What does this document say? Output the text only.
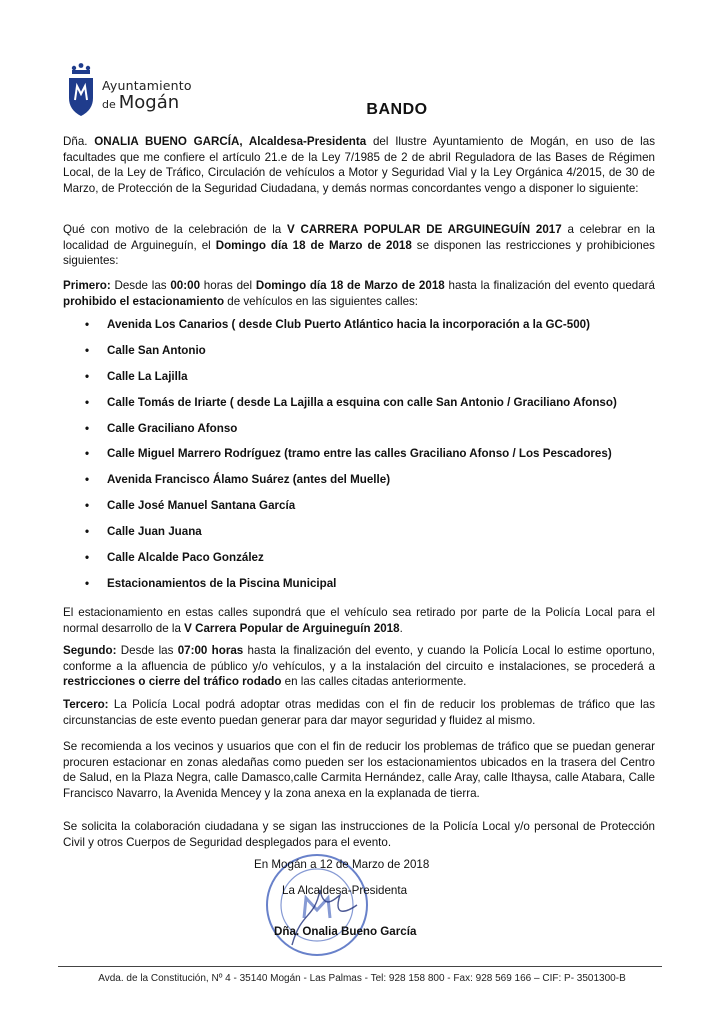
Ayuntamiento
de Mogán	BANDO
Dña. ONALIA BUENO GARCÍA, Alcaldesa-Presidenta del Ilustre Ayuntamiento de Mogán, en uso de las facultades que me confiere el artículo 21.e de la Ley 7/1985 de 2 de abril Reguladora de las Bases de Régimen Local, de la Ley de Tráfico, Circulación de vehículos a Motor y Seguridad Vial y la Ley Orgánica 4/2015, de 30 de Marzo, de Protección de la Seguridad Ciudadana, y demás normas concordantes vengo a disponer lo siguiente:
Qué con motivo de la celebración de la V CARRERA POPULAR DE ARGUINEGUÍN 2017 a celebrar en la localidad de Arguineguín, el Domingo día 18 de Marzo de 2018 se disponen las restricciones y prohibiciones siguientes:
Primero: Desde las 00:00 horas del Domingo día 18 de Marzo de 2018 hasta la finalización del evento quedará prohibido el estacionamiento de vehículos en las siguientes calles:
• Avenida Los Canarios ( desde Club Puerto Atlántico hacia la incorporación a la GC-500)
• Calle San Antonio
• Calle La Lajilla
• Calle Tomás de Iriarte ( desde La Lajilla a esquina con calle San Antonio / Graciliano Afonso)
• Calle Graciliano Afonso
• Calle Miguel Marrero Rodríguez (tramo entre las calles Graciliano Afonso / Los Pescadores)
• Avenida Francisco Álamo Suárez (antes del Muelle)
• Calle José Manuel Santana García
• Calle Juan Juana
• Calle Alcalde Paco González
• Estacionamientos de la Piscina Municipal
El estacionamiento en estas calles supondrá que el vehículo sea retirado por parte de la Policía Local para el normal desarrollo de la V Carrera Popular de Arguineguín 2018.
Segundo: Desde las 07:00 horas hasta la finalización del evento, y cuando la Policía Local lo estime oportuno, conforme a la afluencia de público y/o vehículos, y a la instalación del circuito e instalaciones, se procederá a restricciones o cierre del tráfico rodado en las calles citadas anteriormente.
Tercero: La Policía Local podrá adoptar otras medidas con el fin de reducir los problemas de tráfico que las circunstancias de este evento puedan generar para dar mayor seguridad y fluidez al mismo.
Se recomienda a los vecinos y usuarios que con el fin de reducir los problemas de tráfico que se puedan generar procuren estacionar en zonas aledañas como pueden ser los estacionamientos ubicados en la trasera del Centro de Salud, en la Plaza Negra, calle Damasco,calle Carmita Hernández, calle Aray, calle Ithaysa, calle Atabara, Calle Francisco Navarro, la Avenida Mencey y la zona anexa en la explanada de tierra.
Se solicita la colaboración ciudadana y se sigan las instrucciones de la Policía Local y/o personal de Protección Civil y otros Cuerpos de Seguridad desplegados para el evento.
En Mogán a 12 de Marzo de 2018
La Alcaldesa-Presidenta
Dña. Onalia Bueno García
Avda. de la Constitución, Nº 4 - 35140 Mogán - Las Palmas - Tel: 928 158 800 - Fax: 928 569 166 – CIF: P- 3501300-B
